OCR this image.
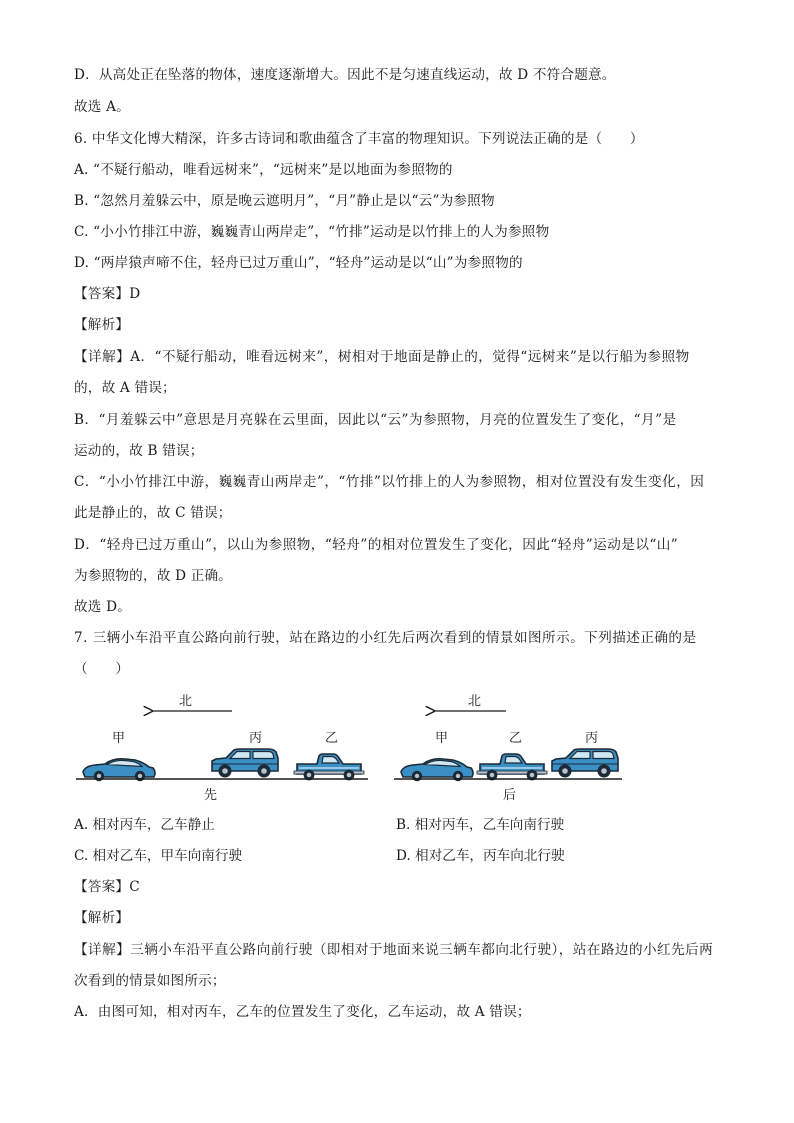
D．从高处正在坠落的物体，速度逐渐增大。因此不是匀速直线运动，故 D 不符合题意。
故选 A。
6. 中华文化博大精深，许多古诗词和歌曲蕴含了丰富的物理知识。下列说法正确的是（　　）
A. “不疑行船动，唯看远树来”，“远树来”是以地面为参照物的
B. “忽然月羞躲云中，原是晚云遮明月”，“月”静止是以“云”为参照物
C. “小小竹排江中游，巍巍青山两岸走”，“竹排”运动是以竹排上的人为参照物
D. “两岸猿声啼不住，轻舟已过万重山”，“轻舟”运动是以“山”为参照物的
【答案】D
【解析】
【详解】A．“不疑行船动，唯看远树来”，树相对于地面是静止的，觉得“远树来”是以行船为参照物
的，故 A 错误；
B．“月羞躲云中”意思是月亮躲在云里面，因此以“云”为参照物，月亮的位置发生了变化，“月”是
运动的，故 B 错误；
C．“小小竹排江中游，巍巍青山两岸走”，“竹排”以竹排上的人为参照物，相对位置没有发生变化，因
此是静止的，故 C 错误；
D．“轻舟已过万重山”，以山为参照物，“轻舟”的相对位置发生了变化，因此“轻舟”运动是以“山”
为参照物的，故 D 正确。
故选 D。
7. 三辆小车沿平直公路向前行驶，站在路边的小红先后两次看到的情景如图所示。下列描述正确的是
（　　）
北
甲	丙	乙
先
北
甲	乙	丙
后
A. 相对丙车，乙车静止	B. 相对丙车，乙车向南行驶
C. 相对乙车，甲车向南行驶	D. 相对乙车，丙车向北行驶
【答案】C
【解析】
【详解】三辆小车沿平直公路向前行驶（即相对于地面来说三辆车都向北行驶），站在路边的小红先后两
次看到的情景如图所示；
A．由图可知，相对丙车，乙车的位置发生了变化，乙车运动，故 A 错误；
